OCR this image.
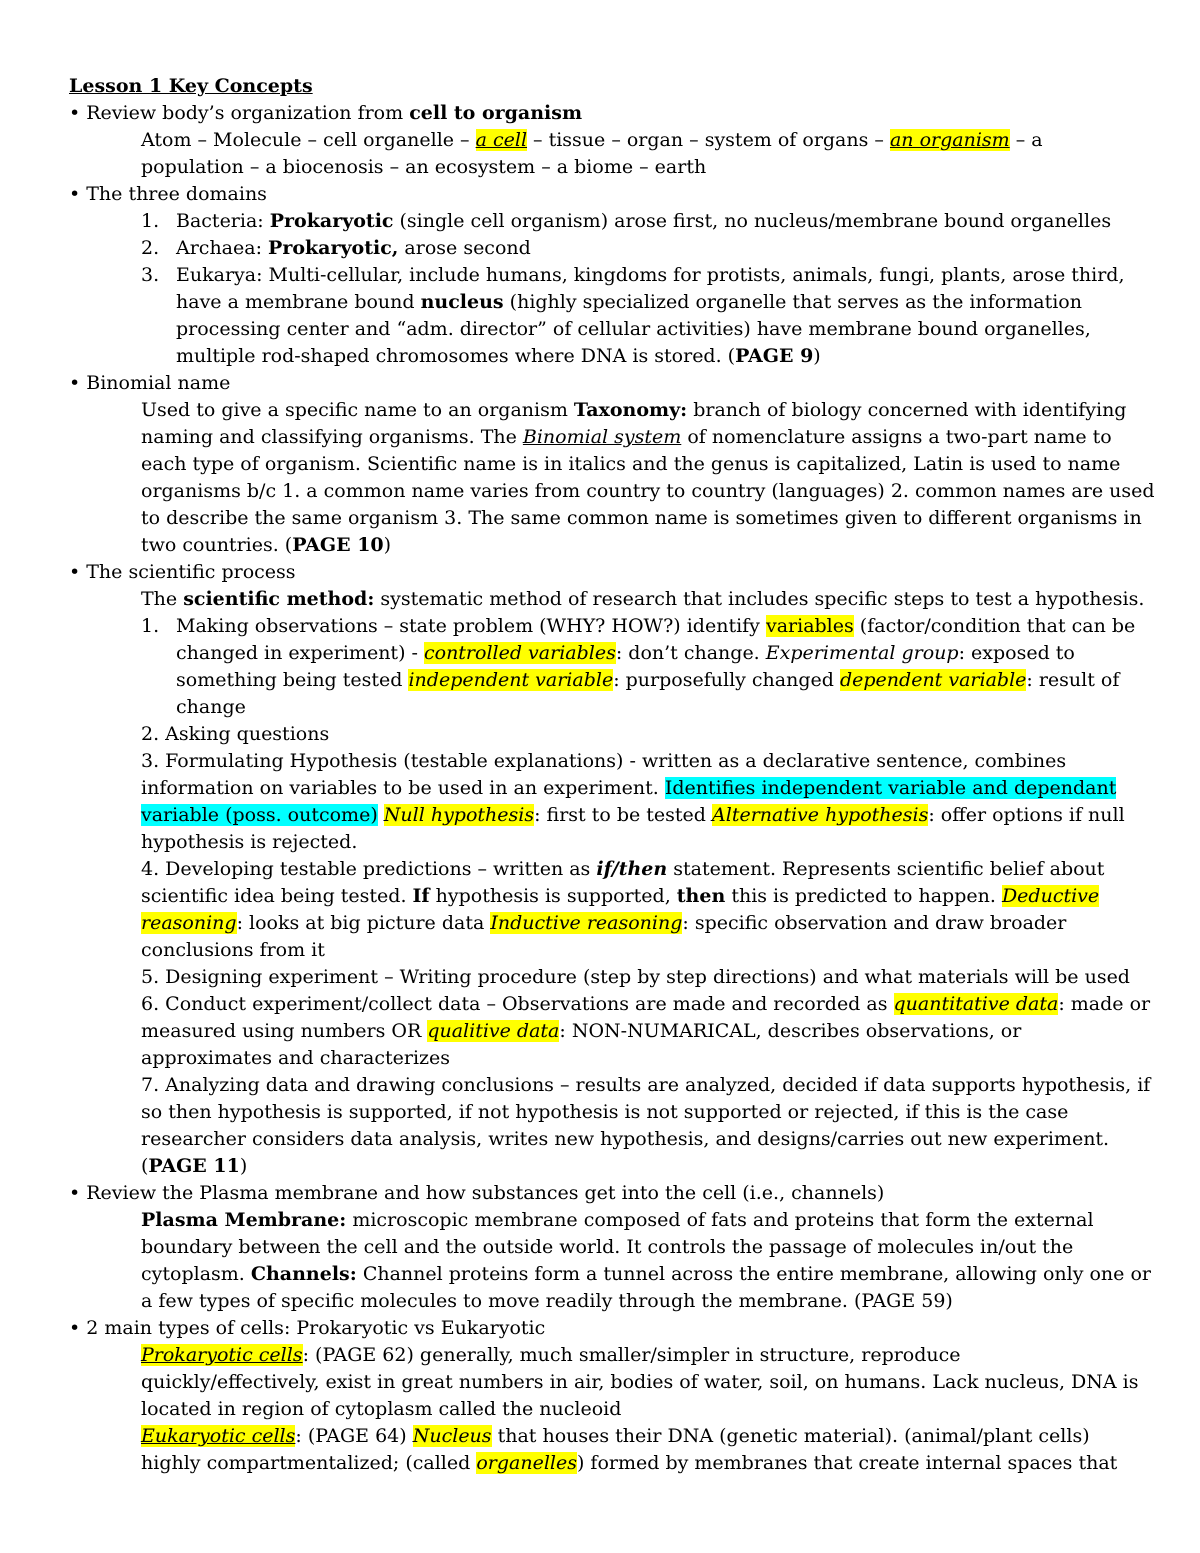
Lesson 1 Key Concepts
• Review body’s organization from cell to organism
Atom – Molecule – cell organelle – a cell – tissue – organ – system of organs – an organism – a
population – a biocenosis – an ecosystem – a biome – earth
• The three domains
1. Bacteria: Prokaryotic (single cell organism) arose first, no nucleus/membrane bound organelles
2. Archaea: Prokaryotic, arose second
3. Eukarya: Multi-cellular, include humans, kingdoms for protists, animals, fungi, plants, arose third,
have a membrane bound nucleus (highly specialized organelle that serves as the information
processing center and “adm. director” of cellular activities) have membrane bound organelles,
multiple rod-shaped chromosomes where DNA is stored. (PAGE 9)
• Binomial name
Used to give a specific name to an organism Taxonomy: branch of biology concerned with identifying
naming and classifying organisms. The Binomial system of nomenclature assigns a two-part name to
each type of organism. Scientific name is in italics and the genus is capitalized, Latin is used to name
organisms b/c 1. a common name varies from country to country (languages) 2. common names are used
to describe the same organism 3. The same common name is sometimes given to different organisms in
two countries. (PAGE 10)
• The scientific process
The scientific method: systematic method of research that includes specific steps to test a hypothesis.
1. Making observations – state problem (WHY? HOW?) identify variables (factor/condition that can be
changed in experiment) - controlled variables: don’t change. Experimental group: exposed to
something being tested independent variable: purposefully changed dependent variable: result of
change
2. Asking questions
3. Formulating Hypothesis (testable explanations) - written as a declarative sentence, combines
information on variables to be used in an experiment. Identifies independent variable and dependant
variable (poss. outcome) Null hypothesis: first to be tested Alternative hypothesis: offer options if null
hypothesis is rejected.
4. Developing testable predictions – written as if/then statement. Represents scientific belief about
scientific idea being tested. If hypothesis is supported, then this is predicted to happen. Deductive
reasoning: looks at big picture data Inductive reasoning: specific observation and draw broader
conclusions from it
5. Designing experiment – Writing procedure (step by step directions) and what materials will be used
6. Conduct experiment/collect data – Observations are made and recorded as quantitative data: made or
measured using numbers OR qualitive data: NON-NUMARICAL, describes observations, or
approximates and characterizes
7. Analyzing data and drawing conclusions – results are analyzed, decided if data supports hypothesis, if
so then hypothesis is supported, if not hypothesis is not supported or rejected, if this is the case
researcher considers data analysis, writes new hypothesis, and designs/carries out new experiment.
(PAGE 11)
• Review the Plasma membrane and how substances get into the cell (i.e., channels)
Plasma Membrane: microscopic membrane composed of fats and proteins that form the external
boundary between the cell and the outside world. It controls the passage of molecules in/out the
cytoplasm. Channels: Channel proteins form a tunnel across the entire membrane, allowing only one or
a few types of specific molecules to move readily through the membrane. (PAGE 59)
• 2 main types of cells: Prokaryotic vs Eukaryotic
Prokaryotic cells: (PAGE 62) generally, much smaller/simpler in structure, reproduce
quickly/effectively, exist in great numbers in air, bodies of water, soil, on humans. Lack nucleus, DNA is
located in region of cytoplasm called the nucleoid
Eukaryotic cells: (PAGE 64) Nucleus that houses their DNA (genetic material). (animal/plant cells)
highly compartmentalized; (called organelles) formed by membranes that create internal spaces that
